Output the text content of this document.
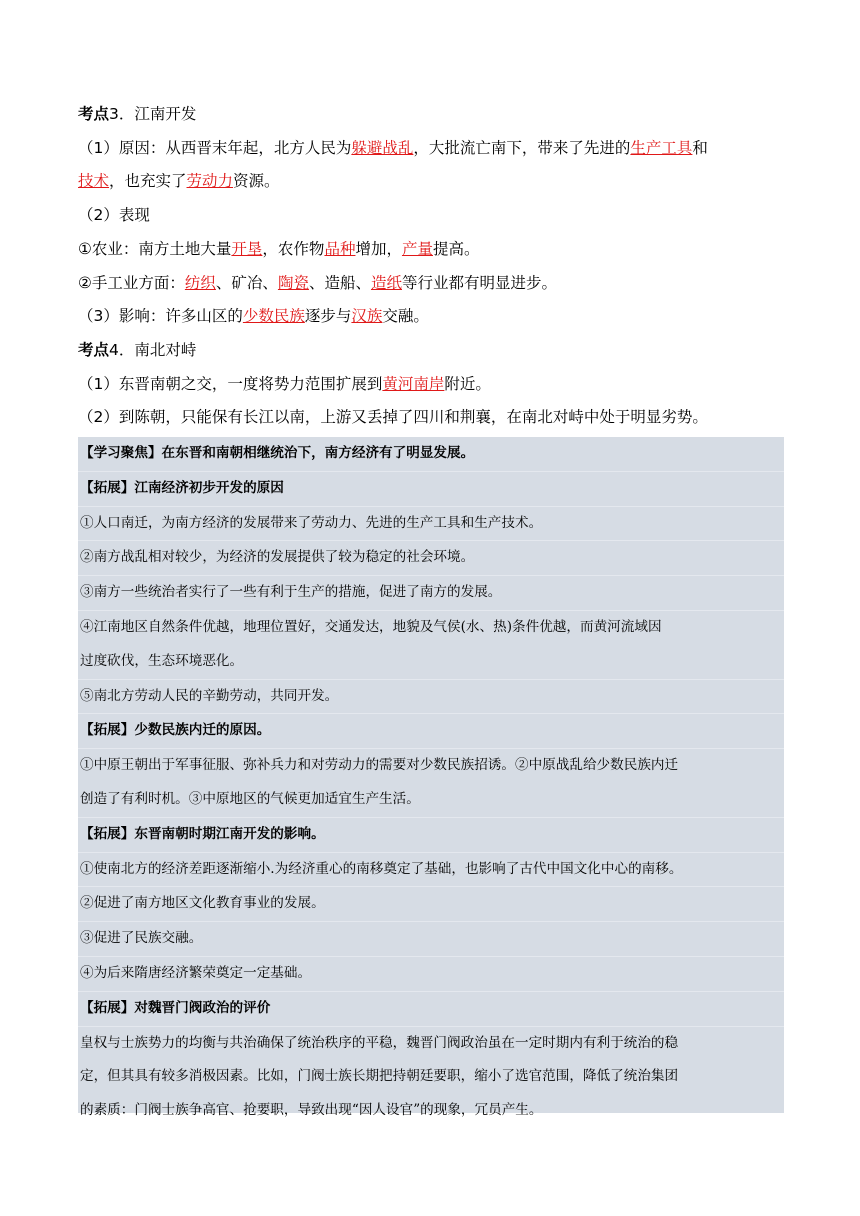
考点3．江南开发
（1）原因：从西晋末年起，北方人民为躲避战乱，大批流亡南下，带来了先进的生产工具和
技术，也充实了劳动力资源。
（2）表现
①农业：南方土地大量开垦，农作物品种增加，产量提高。
②手工业方面：纺织、矿冶、陶瓷、造船、造纸等行业都有明显进步。
（3）影响：许多山区的少数民族逐步与汉族交融。
考点4．南北对峙
（1）东晋南朝之交，一度将势力范围扩展到黄河南岸附近。
（2）到陈朝，只能保有长江以南，上游又丢掉了四川和荆襄，在南北对峙中处于明显劣势。
【学习聚焦】在东晋和南朝相继统治下，南方经济有了明显发展。
【拓展】江南经济初步开发的原因
①人口南迁，为南方经济的发展带来了劳动力、先进的生产工具和生产技术。
②南方战乱相对较少，为经济的发展提供了较为稳定的社会环境。
③南方一些统治者实行了一些有利于生产的措施，促进了南方的发展。
④江南地区自然条件优越，地理位置好，交通发达，地貌及气侯(水、热)条件优越，而黄河流域因
过度砍伐，生态环境恶化。
⑤南北方劳动人民的辛勤劳动，共同开发。
【拓展】少数民族内迁的原因。
①中原王朝出于军事征服、弥补兵力和对劳动力的需要对少数民族招诱。②中原战乱给少数民族内迁
创造了有利时机。③中原地区的气候更加适宜生产生活。
【拓展】东晋南朝时期江南开发的影响。
①使南北方的经济差距逐渐缩小.为经济重心的南移奠定了基础，也影响了古代中国文化中心的南移。
②促进了南方地区文化教育事业的发展。
③促进了民族交融。
④为后来隋唐经济繁荣奠定一定基础。
【拓展】对魏晋门阀政治的评价
皇权与士族势力的均衡与共治确保了统治秩序的平稳，魏晋门阀政治虽在一定时期内有利于统治的稳
定，但其具有较多消极因素。比如，门阀士族长期把持朝廷要职，缩小了选官范围，降低了统治集团
的素质：门阀士族争高官、抢要职，导致出现“因人设官”的现象，冗员产生。
